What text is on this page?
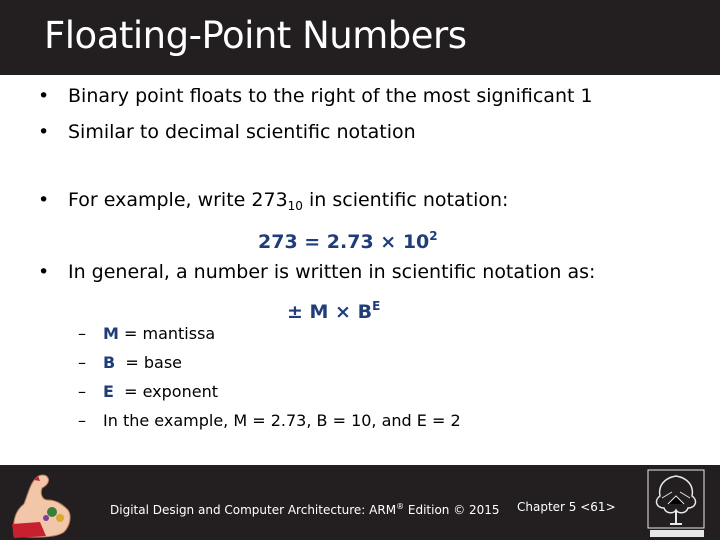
Floating-Point Numbers
• Binary point floats to the right of the most significant 1
• Similar to decimal scientific notation
• For example, write $273_{10}$ in scientific notation:
$273 = 2.73 \times 10^2$
• In general, a number is written in scientific notation as:
± $M \times B^E$
– M = mantissa
– B  = base
– E  = exponent
– In the example, M = 2.73, B = 10, and E = 2
Digital Design and Computer Architecture: ARM® Edition © 2015 Chapter 5 <61>
